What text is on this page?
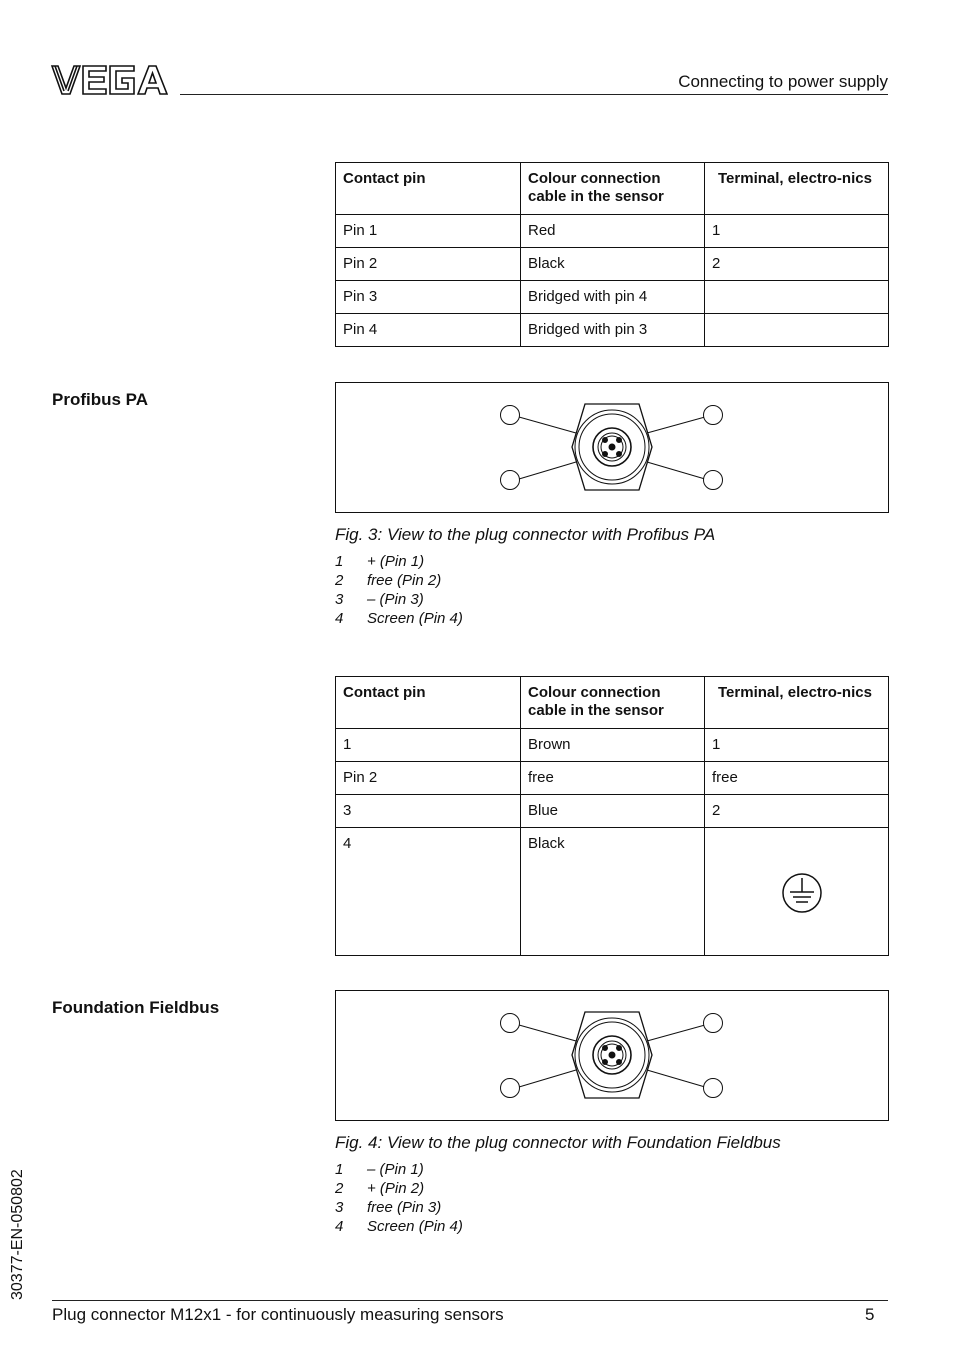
Connecting to power supply
Contact pin	Colour connection cable in the sensor	Terminal, electro-nics
Pin 1	Red	1
Pin 2	Black	2
Pin 3	Bridged with pin 4	
Pin 4	Bridged with pin 3	
Profibus PA
Fig. 3: View to the plug connector with Profibus PA
1 + (Pin 1)
2 free (Pin 2)
3 – (Pin 3)
4 Screen (Pin 4)
Contact pin	Colour connection cable in the sensor	Terminal, electro-nics
1	Brown	1
Pin 2	free	free
3	Blue	2
4	Black	
Foundation Fieldbus
Fig. 4: View to the plug connector with Foundation Fieldbus
1 – (Pin 1)
2 + (Pin 2)
3 free (Pin 3)
4 Screen (Pin 4)
30377-EN-050802
Plug connector M12x1 - for continuously measuring sensors	5
